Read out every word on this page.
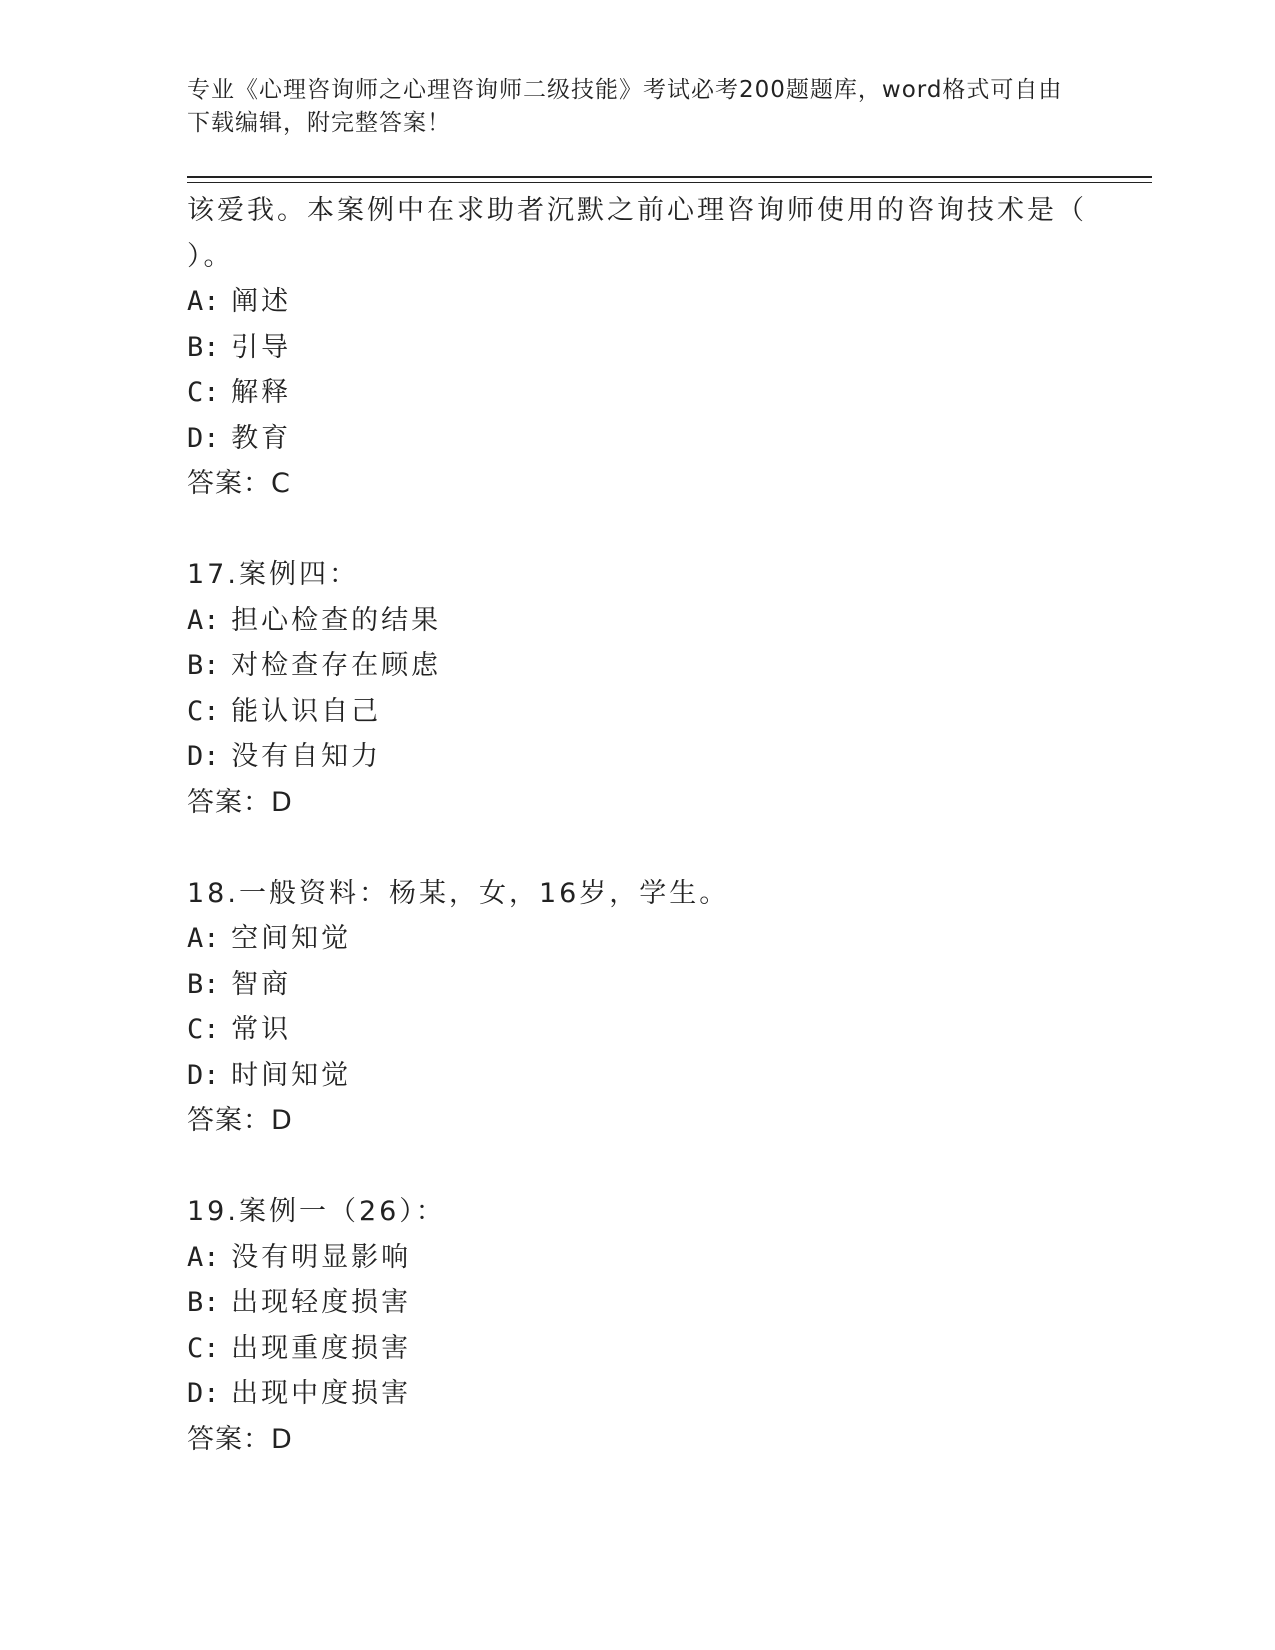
专业《心理咨询师之心理咨询师二级技能》考试必考200题题库，word格式可自由下载编辑，附完整答案！
该爱我。本案例中在求助者沉默之前心理咨询师使用的咨询技术是（
）。
A: 阐述
B: 引导
C: 解释
D: 教育
答案：C
17.案例四：
A: 担心检查的结果
B: 对检查存在顾虑
C: 能认识自己
D: 没有自知力
答案：D
18.一般资料：杨某，女，16岁，学生。
A: 空间知觉
B: 智商
C: 常识
D: 时间知觉
答案：D
19.案例一（26）：
A: 没有明显影响
B: 出现轻度损害
C: 出现重度损害
D: 出现中度损害
答案：D
